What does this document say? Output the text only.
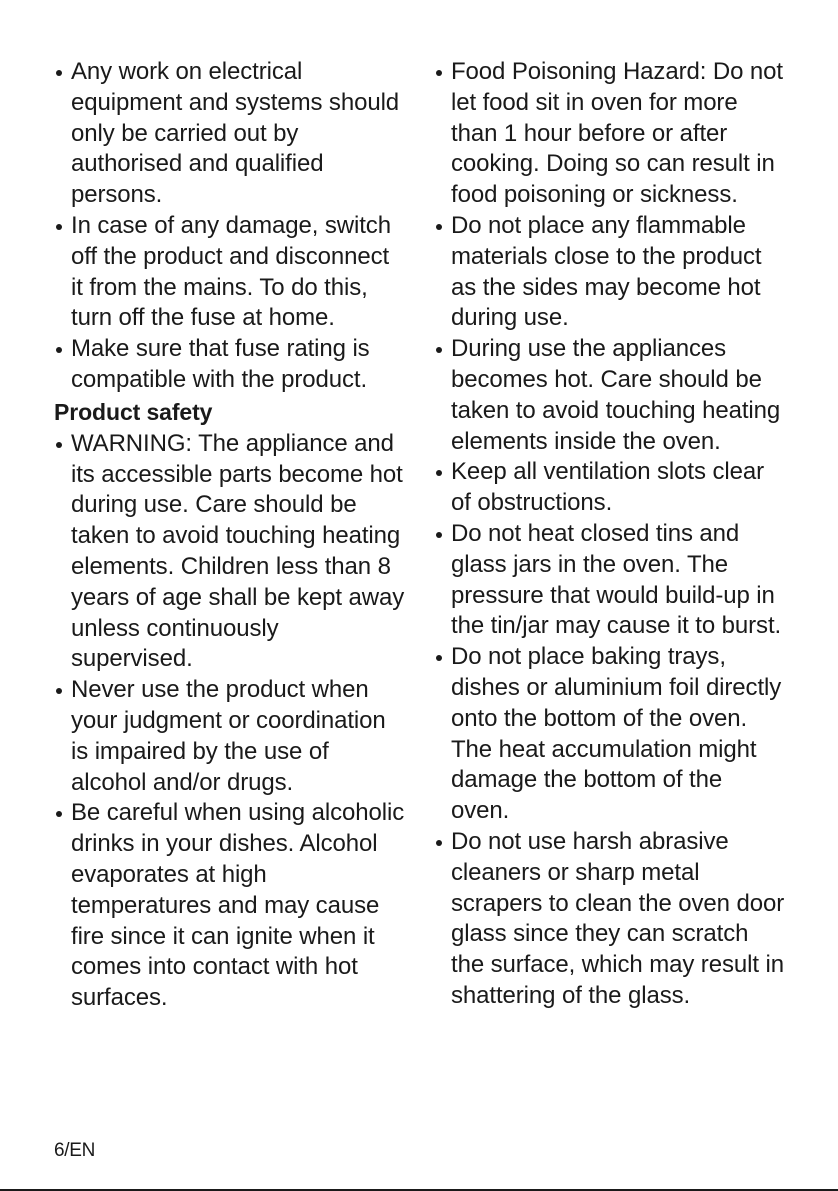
Any work on electrical equipment and systems should only be carried out by authorised and qualified persons.
In case of any damage, switch off the product and disconnect it from the mains. To do this, turn off the fuse at home.
Make sure that fuse rating is compatible with the product.
Product safety
WARNING: The appliance and its accessible parts become hot during use. Care should be taken to avoid touching heating elements. Children less than 8 years of age shall be kept away unless continuously supervised.
Never use the product when your judgment or coordination is impaired by the use of alcohol and/or drugs.
Be careful when using alcoholic drinks in your dishes. Alcohol evaporates at high temperatures and may cause fire since it can ignite when it comes into contact with hot surfaces.
Food Poisoning Hazard: Do not let food sit in oven for more than 1 hour before or after cooking. Doing so can result in food poisoning or sickness.
Do not place any flammable materials close to the product as the sides may become hot during use.
During use the appliances becomes hot. Care should be taken to avoid touching heating elements inside the oven.
Keep all ventilation slots clear of obstructions.
Do not heat closed tins and glass jars in the oven. The pressure that would build-up in the tin/jar may cause it to burst.
Do not place baking trays, dishes or aluminium foil directly onto the bottom of the oven. The heat accumulation might damage the bottom of the oven.
Do not use harsh abrasive cleaners or sharp metal scrapers to clean the oven door glass since they can scratch the surface, which may result in shattering of the glass.
6/EN
